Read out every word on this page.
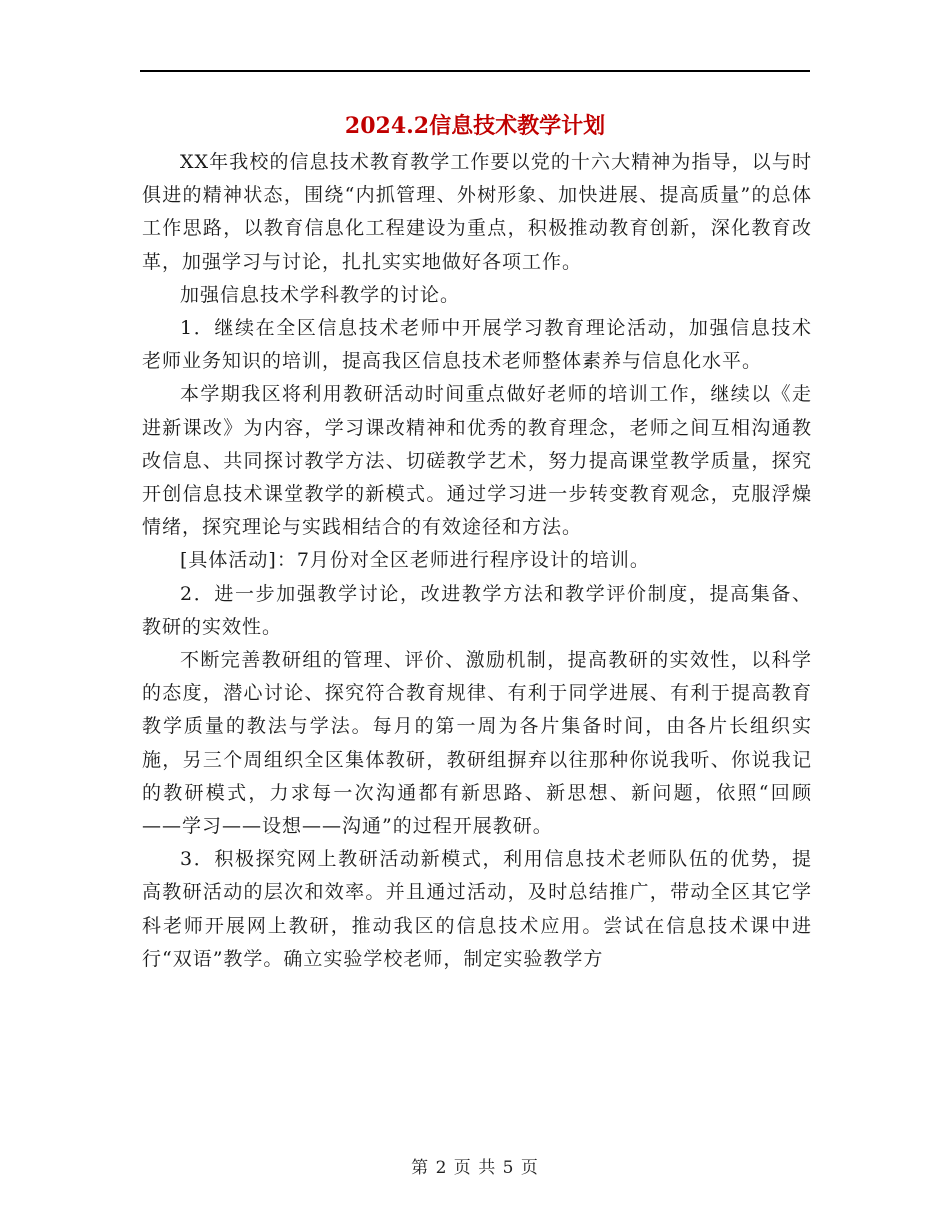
2024.2信息技术教学计划

XX年我校的信息技术教育教学工作要以党的十六大精神为指导，以与时俱进的精神状态，围绕“内抓管理、外树形象、加快进展、提高质量”的总体工作思路，以教育信息化工程建设为重点，积极推动教育创新，深化教育改革，加强学习与讨论，扎扎实实地做好各项工作。

加强信息技术学科教学的讨论。

1．继续在全区信息技术老师中开展学习教育理论活动，加强信息技术老师业务知识的培训，提高我区信息技术老师整体素养与信息化水平。

本学期我区将利用教研活动时间重点做好老师的培训工作，继续以《走进新课改》为内容，学习课改精神和优秀的教育理念，老师之间互相沟通教改信息、共同探讨教学方法、切磋教学艺术，努力提高课堂教学质量，探究开创信息技术课堂教学的新模式。通过学习进一步转变教育观念，克服浮燥情绪，探究理论与实践相结合的有效途径和方法。

[具体活动]：7月份对全区老师进行程序设计的培训。

2．进一步加强教学讨论，改进教学方法和教学评价制度，提高集备、教研的实效性。

不断完善教研组的管理、评价、激励机制，提高教研的实效性，以科学的态度，潜心讨论、探究符合教育规律、有利于同学进展、有利于提高教育教学质量的教法与学法。每月的第一周为各片集备时间，由各片长组织实施，另三个周组织全区集体教研，教研组摒弃以往那种你说我听、你说我记的教研模式，力求每一次沟通都有新思路、新思想、新问题，依照“回顾——学习——设想——沟通”的过程开展教研。

3．积极探究网上教研活动新模式，利用信息技术老师队伍的优势，提高教研活动的层次和效率。并且通过活动，及时总结推广，带动全区其它学科老师开展网上教研，推动我区的信息技术应用。尝试在信息技术课中进行“双语”教学。确立实验学校老师，制定实验教学方

第 2 页 共 5 页
